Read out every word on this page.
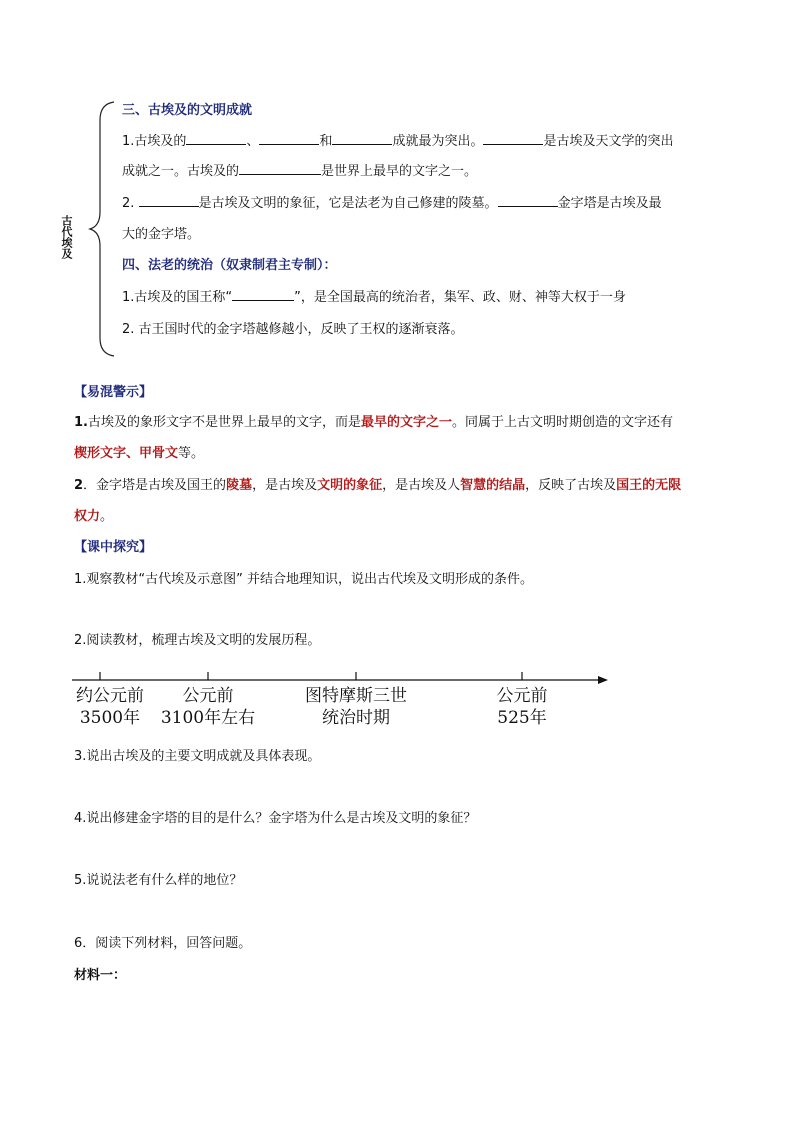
古代埃及
三、古埃及的文明成就
1.古埃及的	、	和	成就最为突出。	是古埃及天文学的突出
成就之一。古埃及的	是世界上最早的文字之一。
2.	是古埃及文明的象征，它是法老为自己修建的陵墓。	金字塔是古埃及最
大的金字塔。
四、法老的统治（奴隶制君主专制）：
1.古埃及的国王称“	”，是全国最高的统治者，集军、政、财、神等大权于一身
2. 古王国时代的金字塔越修越小，反映了王权的逐渐衰落。
【易混警示】
1.古埃及的象形文字不是世界上最早的文字，而是最早的文字之一。同属于上古文明时期创造的文字还有
楔形文字、甲骨文等。
2．金字塔是古埃及国王的陵墓，是古埃及文明的象征，是古埃及人智慧的结晶，反映了古埃及国王的无限
权力。
【课中探究】
1.观察教材“古代埃及示意图” 并结合地理知识，说出古代埃及文明形成的条件。
2.阅读教材，梳理古埃及文明的发展历程。
约公元前
3500年
公元前
3100年左右
图特摩斯三世
统治时期
公元前
525年
3.说出古埃及的主要文明成就及具体表现。
4.说出修建金字塔的目的是什么？金字塔为什么是古埃及文明的象征？
5.说说法老有什么样的地位？
6．阅读下列材料，回答问题。
材料一：
